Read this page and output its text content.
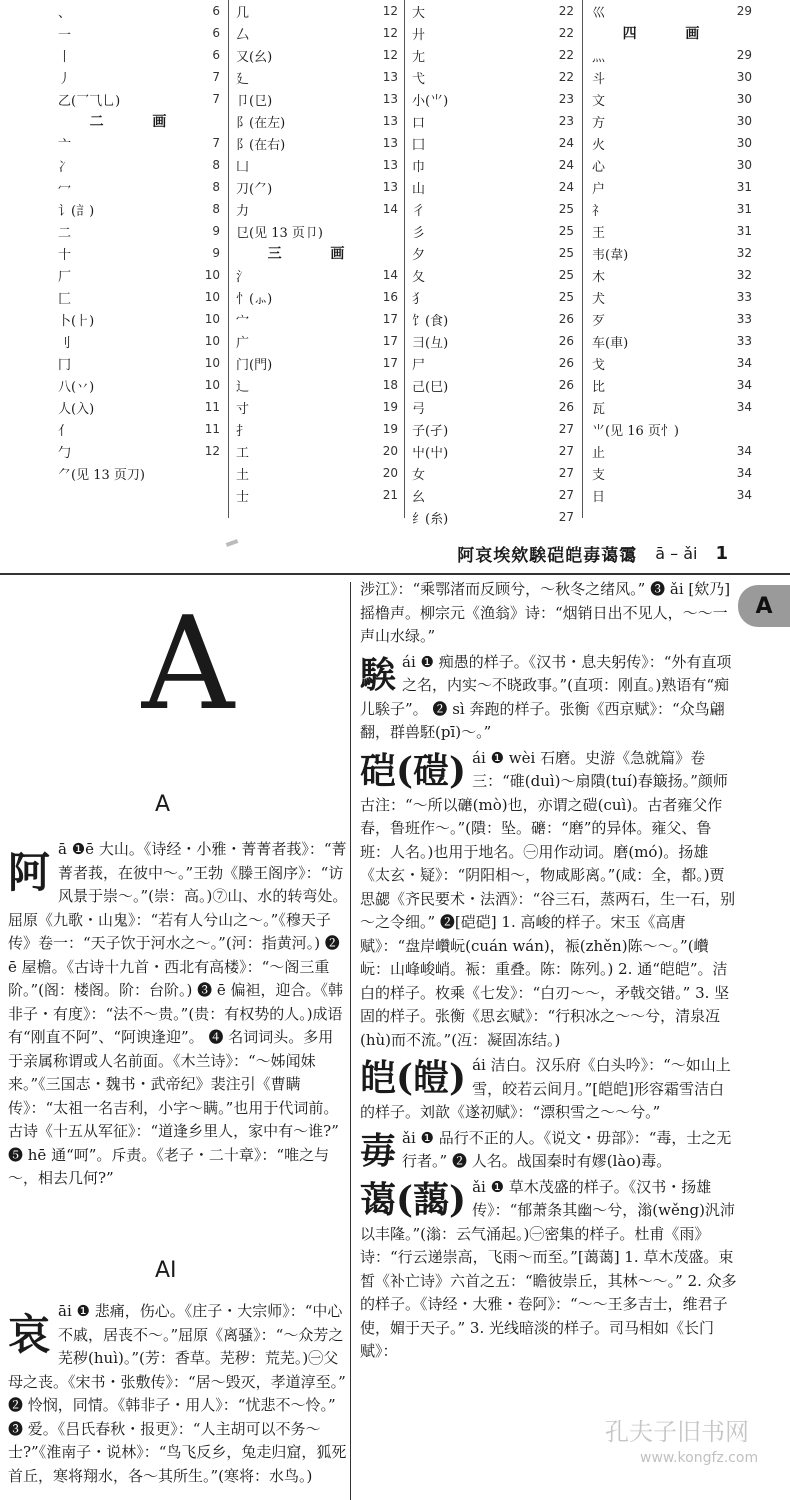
、	6
一	6
丨	6
丿	7
乙(乛⺄乚)	7
二 画
亠	7
冫	8
冖	8
讠(訁)	8
二	9
十	9
厂	10
匚	10
卜(⺊)	10
刂	10
冂	10
八(丷)	10
人(入)	11
亻	11
勹	12
⺈(见 13 页刀)
几	12
厶	12
又(⺓)	12
廴	13
卩(㔾)	13
阝(在左)	13
阝(在右)	13
凵	13
刀(⺈)	13
力	14
㔾(见 13 页卩)
三 画
氵	14
忄(⺗)	16
宀	17
广	17
门(門)	17
辶	18
寸	19
扌	19
工	20
土	20
士	21
大	22
廾	22
尢	22
弋	22
小(⺌)	23
口	23
囗	24
巾	24
山	24
彳	25
彡	25
夕	25
夂	25
犭	25
饣(食)	26
彐(彑)	26
尸	26
己(巳)	26
弓	26
子(孑)	27
屮(屮)	27
女	27
幺	27
纟(糸)	27
巛	29
四 画
灬	29
斗	30
文	30
方	30
火	30
心	30
户	31
礻	31
王	31
韦(韋)	32
木	32
犬	33
歹	33
车(車)	33
戈	34
比	34
瓦	34
⺌(见 16 页忄)
止	34
支	34
日	34
阿哀埃欸騃硙皑毐蔼霭 ā – ǎi 1
A
A
阿 ā ❶ē 大山。《诗经・小雅・菁菁者莪》：“菁菁者莪，在彼中～。”王勃《滕王阁序》：“访风景于崇～。”(崇：高。)⑦山、水的转弯处。屈原《九歌・山鬼》：“若有人兮山之～。”《穆天子传》卷一：“天子饮于河水之～。”(河：指黄河。) ❷ ē 屋檐。《古诗十九首・西北有高楼》：“～阁三重阶。”(阁：楼阁。阶：台阶。) ❸ ē 偏袒，迎合。《韩非子・有度》：“法不～贵。”(贵：有权势的人。)成语有“刚直不阿”、“阿谀逢迎”。 ❹ 名词词头。多用于亲属称谓或人名前面。《木兰诗》：“～姊闻妹来。”《三国志・魏书・武帝纪》裴注引《曹瞒传》：“太祖一名吉利，小字～瞒。”也用于代词前。古诗《十五从军征》：“道逢乡里人，家中有～谁?” ❺ hē 通“呵”。斥责。《老子・二十章》：“唯之与～，相去几何?”
AI
哀 āi ❶ 悲痛，伤心。《庄子・大宗师》：“中心不戚，居丧不～。”屈原《离骚》：“～众芳之芜秽(huì)。”(芳：香草。芜秽：荒芜。)㊀父母之丧。《宋书・张敷传》：“居～毁灭，孝道淳至。” ❷ 怜悯，同情。《韩非子・用人》：“忧悲不～怜。” ❸ 爱。《吕氏春秋・报更》：“人主胡可以不务～士?”《淮南子・说林》：“鸟飞反乡，兔走归窟，狐死首丘，寒将翔水，各～其所生。”(寒将：水鸟。)
涉江》：“乘鄂渚而反顾兮，～秋冬之绪风。” ❸ ǎi [欸乃]摇橹声。柳宗元《渔翁》诗：“烟销日出不见人，～～一声山水绿。”
騃 ái ❶ 痴愚的样子。《汉书・息夫躬传》：“外有直项之名，内实～不晓政事。”(直项：刚直。)熟语有“痴儿騃子”。 ❷ sì 奔跑的样子。张衡《西京赋》：“众鸟翩翻，群兽駓(pī)～。”
硙(磑) ái ❶ wèi 石磨。史游《急就篇》卷三：“碓(duì)～扇隤(tuí)春簸扬。”颜师古注：“～所以礳(mò)也，亦谓之磑(cuì)。古者雍父作春，鲁班作～。”(隤：坠。礳：“磨”的异体。雍父、鲁班：人名。)也用于地名。㊀用作动词。磨(mó)。扬雄《太玄・疑》：“阴阳相～，物咸彫离。”(咸：全，都。)贾思勰《齐民要术・法酒》：“谷三石，蒸两石，生一石，别～之令细。” ❷[硙硙] 1. 高峻的样子。宋玉《高唐赋》：“盘岸巑岏(cuán wán)，裖(zhěn)陈～～。”(巑岏：山峰峻峭。裖：重叠。陈：陈列。) 2. 通“皑皑”。洁白的样子。枚乘《七发》：“白刃～～，矛戟交错。” 3. 坚固的样子。张衡《思玄赋》：“行积冰之～～兮，清泉冱(hù)而不流。”(冱：凝固冻结。)
皑(皚) ái 洁白。汉乐府《白头吟》：“～如山上雪，皎若云间月。”[皑皑]形容霜雪洁白的样子。刘歆《遂初赋》：“漂积雪之～～兮。”
毐 ǎi ❶ 品行不正的人。《说文・毋部》：“毒，士之无行者。” ❷ 人名。战国秦时有嫪(lào)毒。
蔼(藹) ǎi ❶ 草木茂盛的样子。《汉书・扬雄传》：“郁萧条其幽～兮，滃(wěng)汎沛以丰隆。”(滃：云气涌起。)㊀密集的样子。杜甫《雨》诗：“行云递崇高，飞雨～而至。”[蔼蔼] 1. 草木茂盛。束皙《补亡诗》六首之五：“瞻彼崇丘，其林～～。” 2. 众多的样子。《诗经・大雅・卷阿》：“～～王多吉士，维君子使，媚于天子。” 3. 光线暗淡的样子。司马相如《长门赋》：
A
孔夫子旧书网
www.kongfz.com
